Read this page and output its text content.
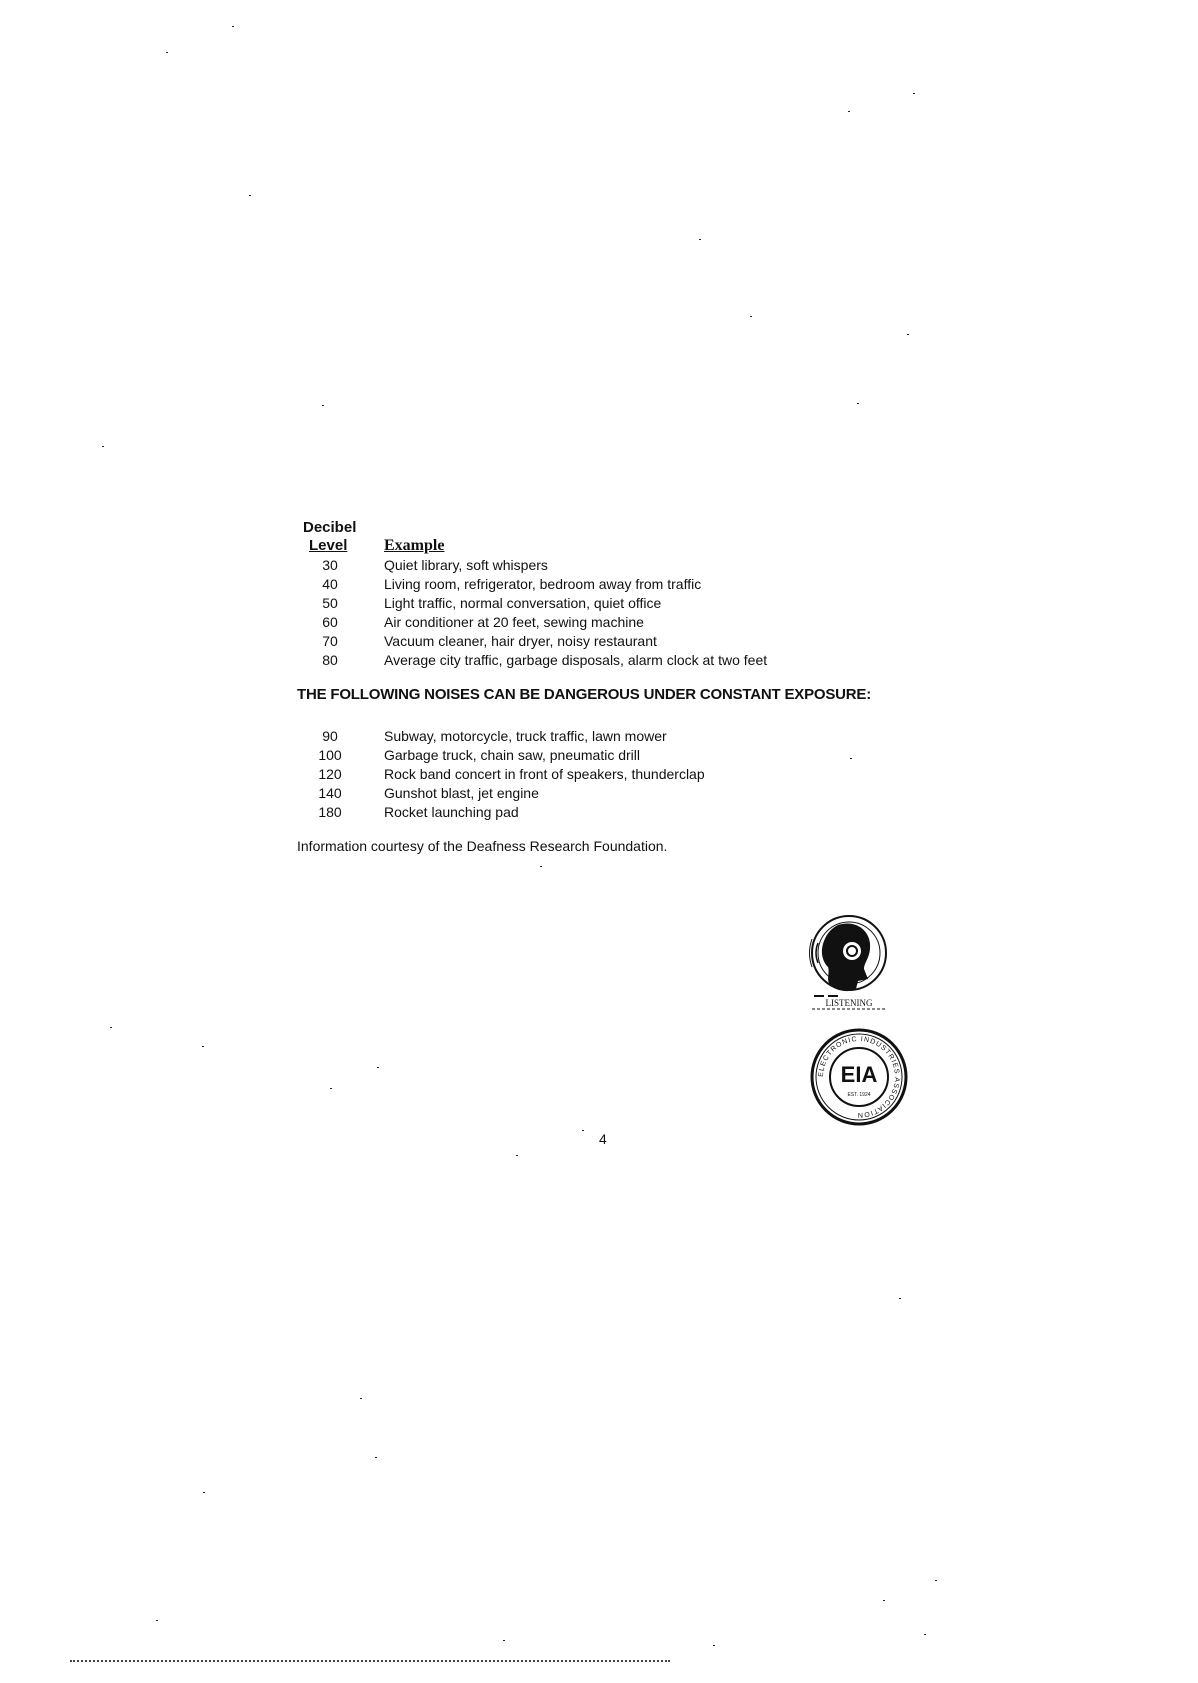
Decibel
Level Example
30	Quiet library, soft whispers
40	Living room, refrigerator, bedroom away from traffic
50	Light traffic, normal conversation, quiet office
60	Air conditioner at 20 feet, sewing machine
70	Vacuum cleaner, hair dryer, noisy restaurant
80	Average city traffic, garbage disposals, alarm clock at two feet
THE FOLLOWING NOISES CAN BE DANGEROUS UNDER CONSTANT EXPOSURE:
90	Subway, motorcycle, truck traffic, lawn mower
100	Garbage truck, chain saw, pneumatic drill
120	Rock band concert in front of speakers, thunderclap
140	Gunshot blast, jet engine
180	Rocket launching pad
Information courtesy of the Deafness Research Foundation.
LISTENING
ELECTRONIC INDUSTRIES ASSOCIATION
EIA
EST. 1924
4
